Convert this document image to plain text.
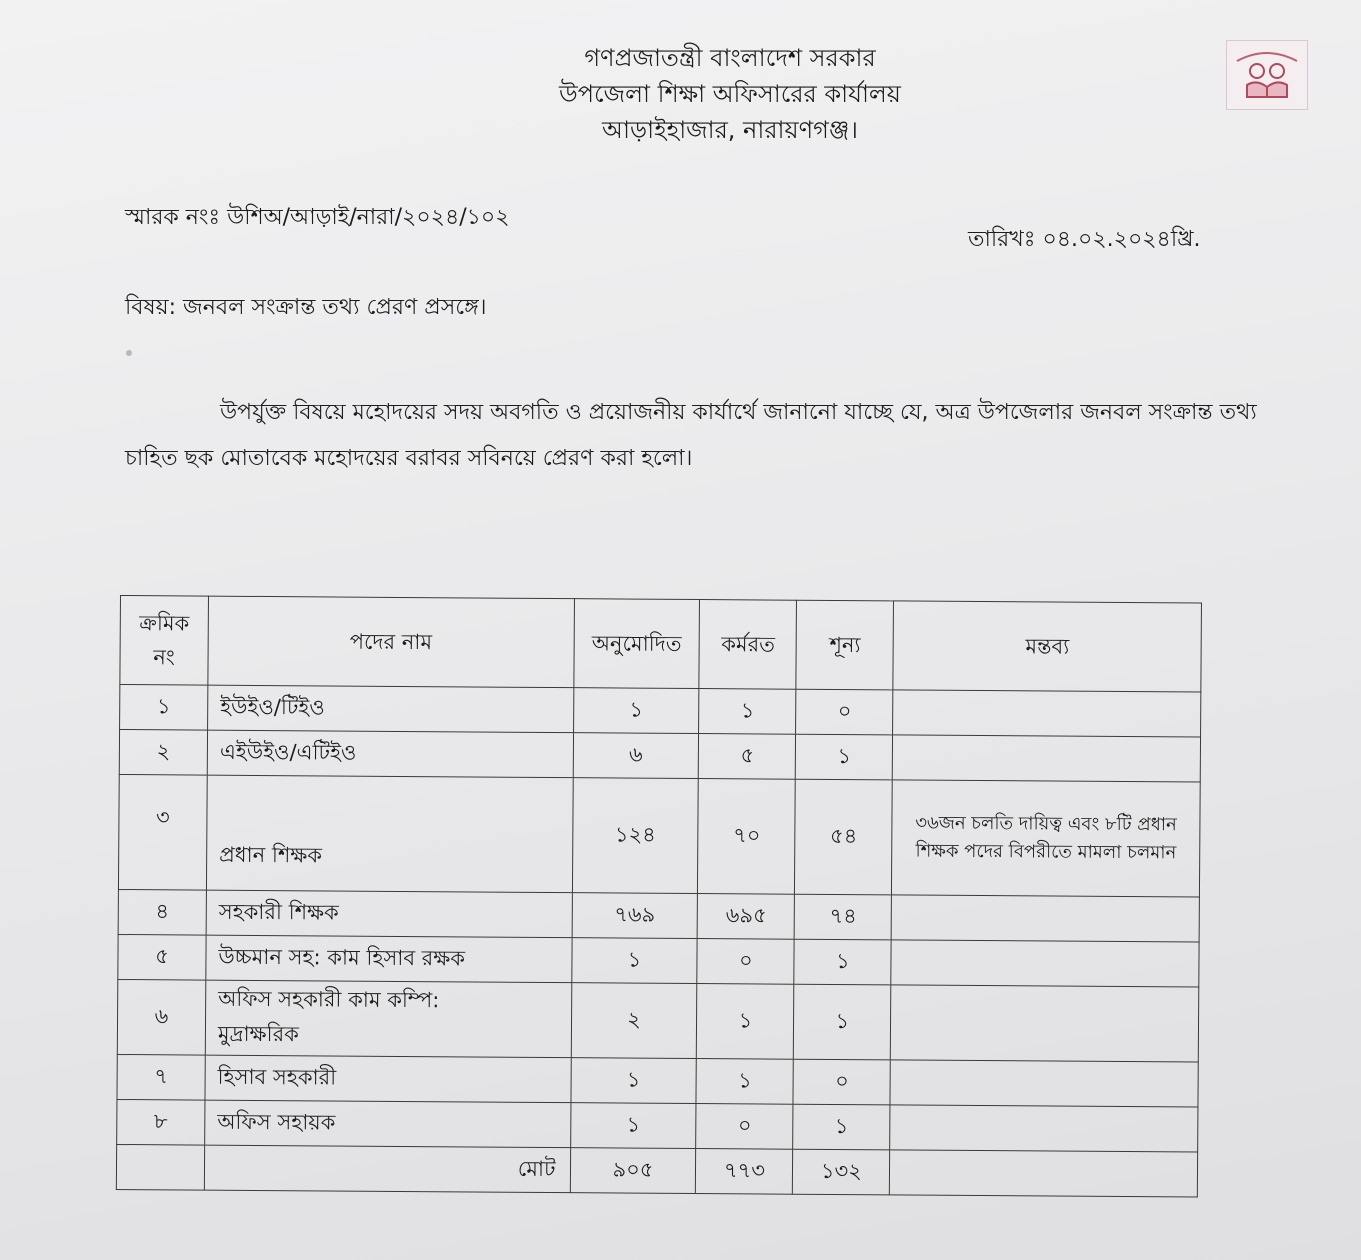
গণপ্রজাতন্ত্রী বাংলাদেশ সরকার
উপজেলা শিক্ষা অফিসারের কার্যালয়
আড়াইহাজার, নারায়ণগঞ্জ।
স্মারক নংঃ উশিঅ/আড়াই/নারা/২০২৪/১০২
তারিখঃ ০৪.০২.২০২৪খ্রি.
বিষয়: জনবল সংক্রান্ত তথ্য প্রেরণ প্রসঙ্গে।
উপর্যুক্ত বিষয়ে মহোদয়ের সদয় অবগতি ও প্রয়োজনীয় কার্যার্থে জানানো যাচ্ছে যে, অত্র উপজেলার জনবল সংক্রান্ত তথ্য
চাহিত ছক মোতাবেক মহোদয়ের বরাবর সবিনয়ে প্রেরণ করা হলো।
ক্রমিক
নং	পদের নাম	অনুমোদিত	কর্মরত	শূন্য	মন্তব্য
১	ইউইও/টিইও	১	১	০	
২	এইউইও/এটিইও	৬	৫	১	
৩	প্রধান শিক্ষক	১২৪	৭০	৫৪	৩৬জন চলতি দায়িত্ব এবং ৮টি প্রধান শিক্ষক পদের বিপরীতে মামলা চলমান
৪	সহকারী শিক্ষক	৭৬৯	৬৯৫	৭৪	
৫	উচ্চমান সহ: কাম হিসাব রক্ষক	১	০	১	
৬	অফিস সহকারী কাম কম্পি:
মুদ্রাক্ষরিক	২	১	১	
৭	হিসাব সহকারী	১	১	০	
৮	অফিস সহায়ক	১	০	১	
	মোট	৯০৫	৭৭৩	১৩২	
